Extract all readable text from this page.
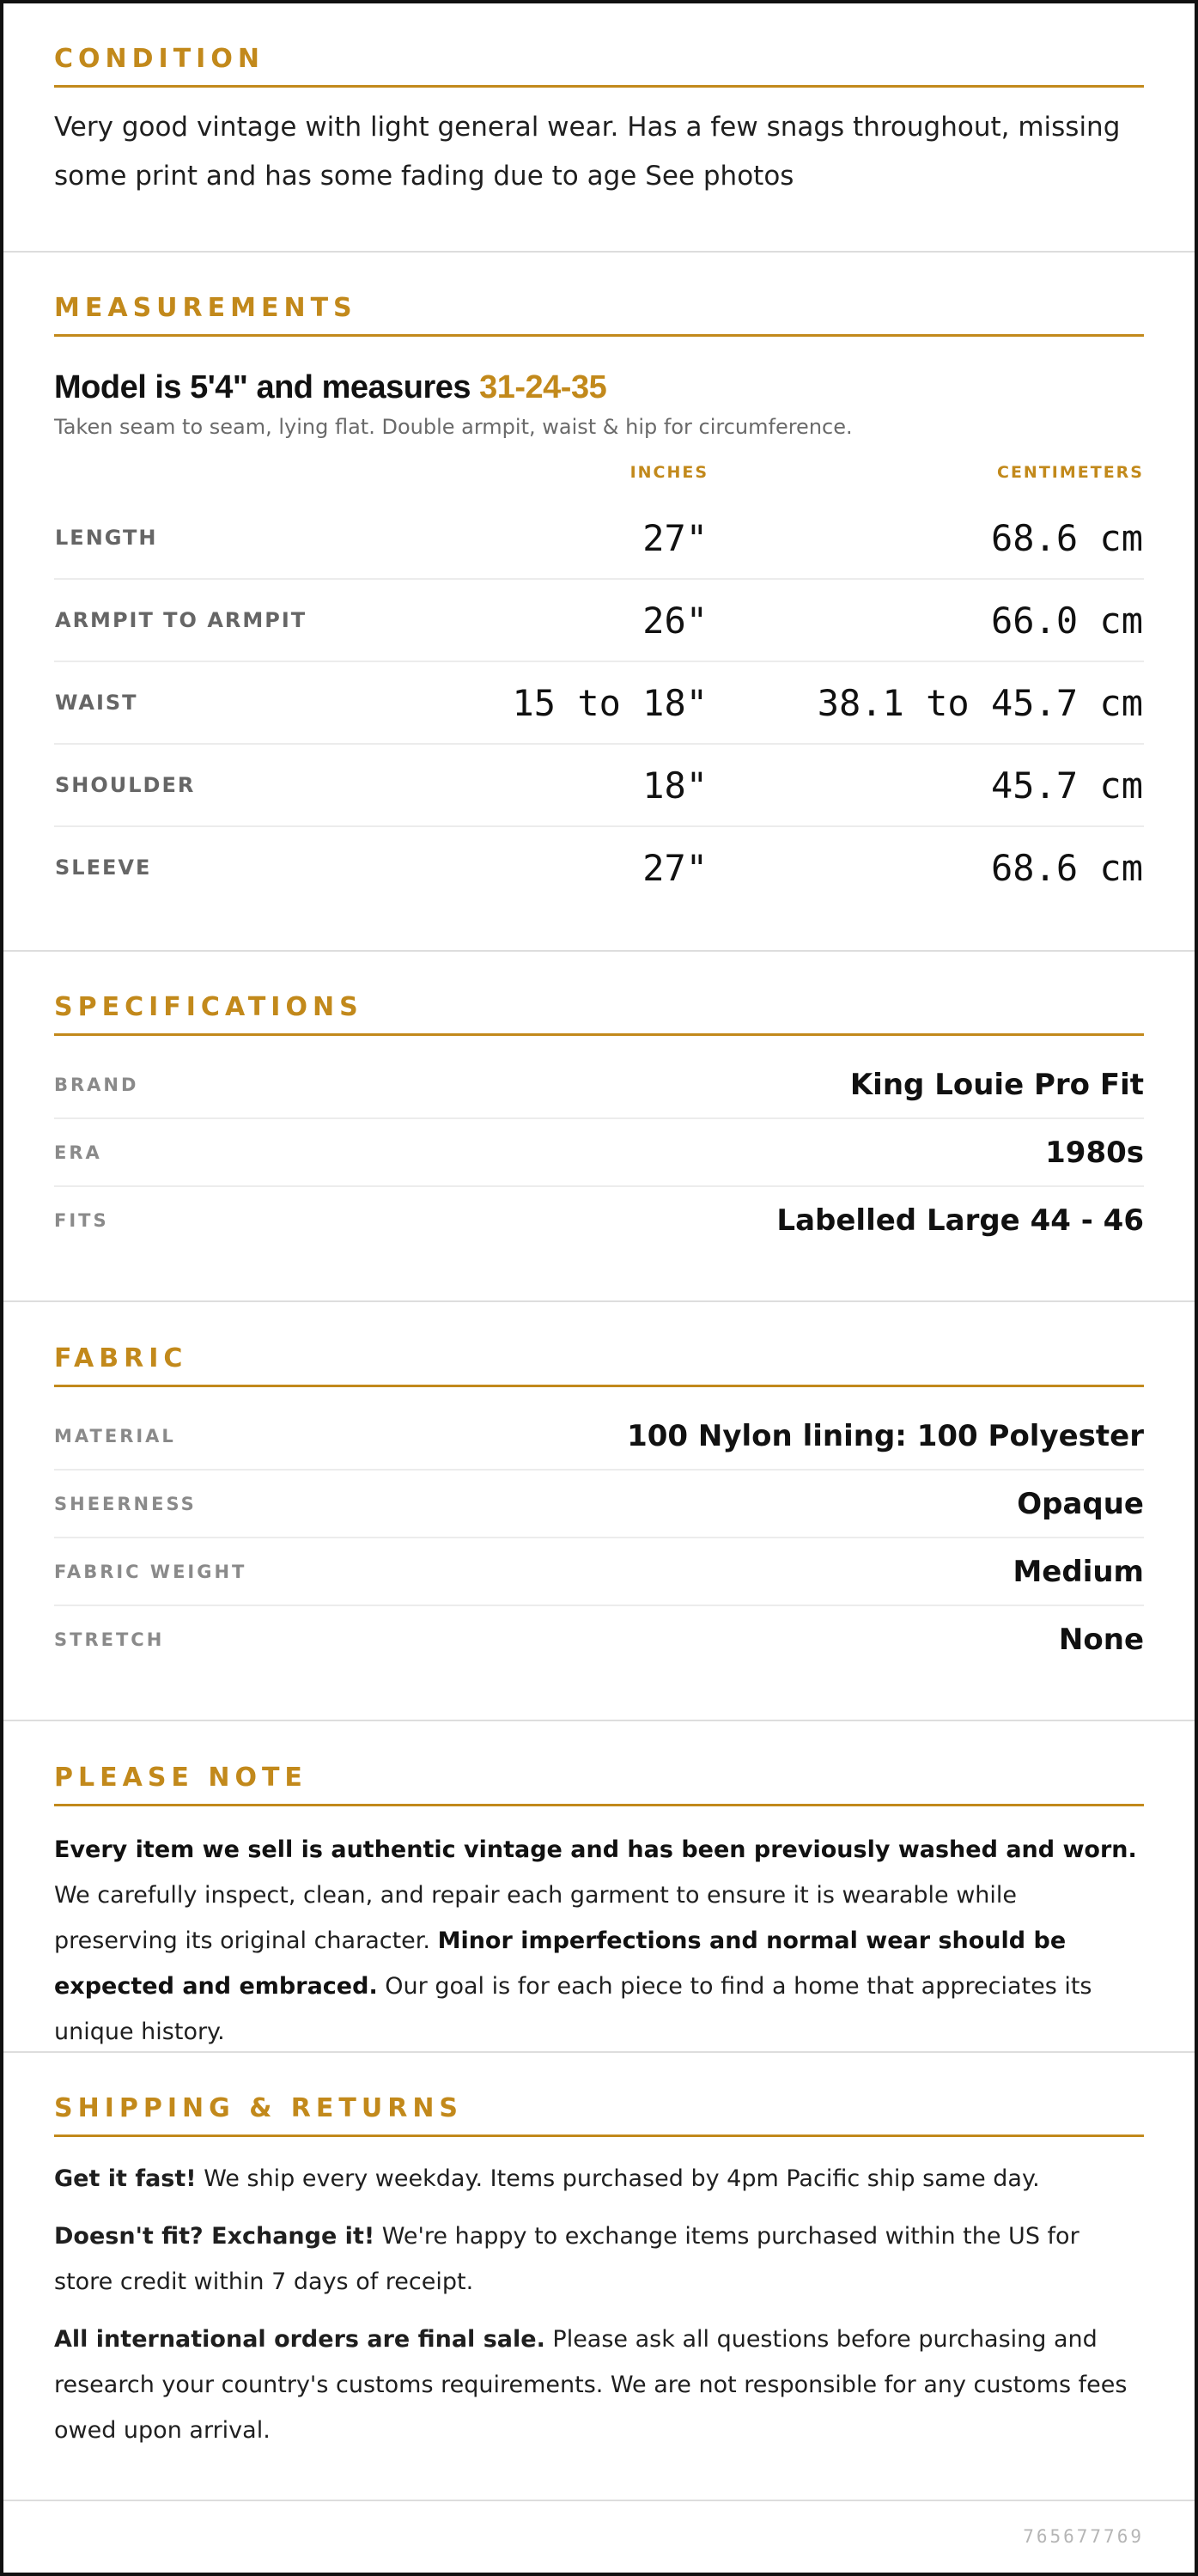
CONDITION
Very good vintage with light general wear. Has a few snags throughout, missing some print and has some fading due to age See photos
MEASUREMENTS
Model is 5'4" and measures 31-24-35
Taken seam to seam, lying flat. Double armpit, waist & hip for circumference.
	INCHES	CENTIMETERS
LENGTH	27"	68.6 cm
ARMPIT TO ARMPIT	26"	66.0 cm
WAIST	15 to 18"	38.1 to 45.7 cm
SHOULDER	18"	45.7 cm
SLEEVE	27"	68.6 cm
SPECIFICATIONS
BRAND	King Louie Pro Fit
ERA	1980s
FITS	Labelled Large 44 - 46
FABRIC
MATERIAL	100 Nylon lining: 100 Polyester
SHEERNESS	Opaque
FABRIC WEIGHT	Medium
STRETCH	None
PLEASE NOTE
Every item we sell is authentic vintage and has been previously washed and worn. We carefully inspect, clean, and repair each garment to ensure it is wearable while preserving its original character. Minor imperfections and normal wear should be expected and embraced. Our goal is for each piece to find a home that appreciates its unique history.
SHIPPING & RETURNS
Get it fast! We ship every weekday. Items purchased by 4pm Pacific ship same day.
Doesn't fit? Exchange it! We're happy to exchange items purchased within the US for store credit within 7 days of receipt.
All international orders are final sale. Please ask all questions before purchasing and research your country's customs requirements. We are not responsible for any customs fees owed upon arrival.
765677769
